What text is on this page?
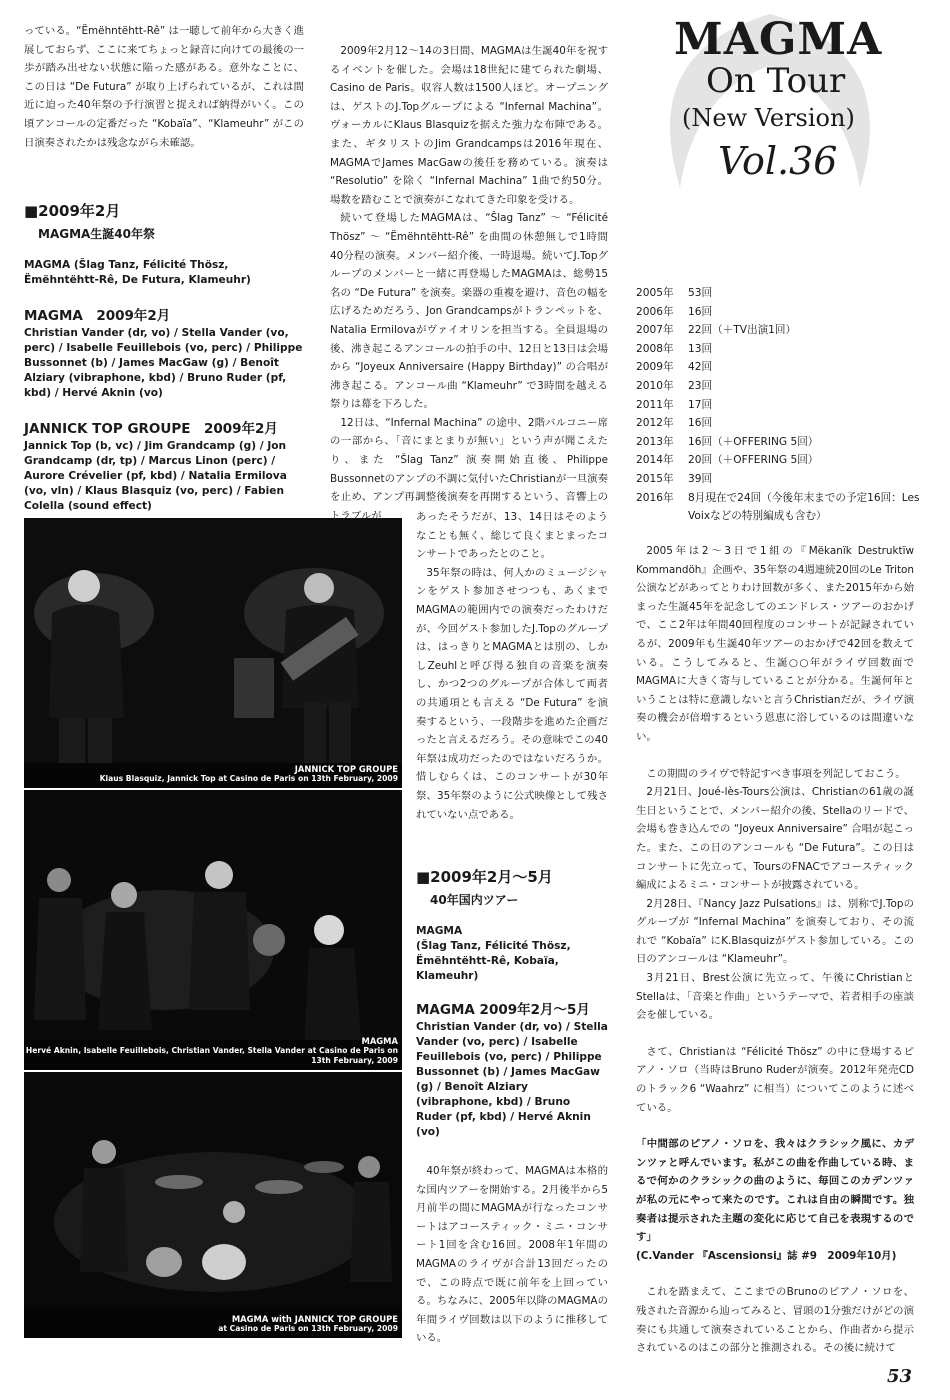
っている。“Ëmëhntëhtt-Rê” は一聴して前年から大きく進展しておらず、ここに来てちょっと録音に向けての最後の一歩が踏み出せない状態に陥った感がある。意外なことに、この日は “De Futura” が取り上げられているが、これは間近に迫った40年祭の予行演習と捉えれば納得がいく。この頃アンコールの定番だった “Kobaïa”、“Klameuhr” がこの日演奏されたかは残念ながら未確認。

■2009年2月

MAGMA生誕40年祭

MAGMA (Šlag Tanz, Félicité Thösz, Ëmëhntëhtt-Rê, De Futura, Klameuhr)

MAGMA　2009年2月

Christian Vander (dr, vo) / Stella Vander (vo, perc) / Isabelle Feuillebois (vo, perc) / Philippe Bussonnet (b) / James MacGaw (g) / Benoît Alziary (vibraphone, kbd) / Bruno Ruder (pf, kbd) / Hervé Aknin (vo)

JANNICK TOP GROUPE　2009年2月

Jannick Top (b, vc) / Jim Grandcamp (g) / Jon Grandcamp (dr, tp) / Marcus Linon (perc) / Aurore Crévelier (pf, kbd) / Natalia Ermilova (vo, vln) / Klaus Blasquiz (vo, perc) / Fabien Colella (sound effect)

JANNICK TOP GROUPE
Klaus Blasquiz, Jannick Top at Casino de Paris on 13th February, 2009
MAGMA
Hervé Aknin, Isabelle Feuillebois, Christian Vander, Stella Vander at Casino de Paris on 13th February, 2009
MAGMA with JANNICK TOP GROUPE
at Casino de Paris on 13th February, 2009

2009年2月12～14の3日間、MAGMAは生誕40年を祝するイベントを催した。会場は18世紀に建てられた劇場、Casino de Paris。収容人数は1500人ほど。オープニングは、ゲストのJ.Topグループによる “Infernal Machina”。ヴォーカルにKlaus Blasquizを据えた強力な布陣である。また、ギタリストのJim Grandcampsは2016年現在、MAGMAでJames MacGawの後任を務めている。演奏は “Resolutio” を除く “Infernal Machina” 1曲で約50分。場数を踏むことで演奏がこなれてきた印象を受ける。

続いて登場したMAGMAは、“Šlag Tanz” ～ “Félicité Thösz” ～ “Ëmëhntëhtt-Rê” を曲間の休憩無しで1時間40分程の演奏。メンバー紹介後、一時退場。続いてJ.Topグループのメンバーと一緒に再登場したMAGMAは、総勢15名の “De Futura” を演奏。楽器の重複を避け、音色の幅を広げるためだろう、Jon Grandcampsがトランペットを、Natalia Ermilovaがヴァイオリンを担当する。全員退場の後、沸き起こるアンコールの拍手の中、12日と13日は会場から “Joyeux Anniversaire (Happy Birthday)” の合唱が沸き起こる。アンコール曲 “Klameuhr” で3時間を越える祭りは幕を下ろした。

12日は、“Infernal Machina” の途中、2階バルコニー席の一部から、「音にまとまりが無い」という声が聞こえたり、また “Šlag Tanz” 演奏開始直後、Philippe Bussonnetのアンプの不調に気付いたChristianが一旦演奏を止め、アンプ再調整後演奏を再開するという、音響上のトラブルが	あったそうだが、13、14日はそのようなことも無く、総じて良くまとまったコンサートであったとのこと。

35年祭の時は、何人かのミュージシャンをゲスト参加させつつも、あくまでMAGMAの範囲内での演奏だったわけだが、今回ゲスト参加したJ.Topのグループは、はっきりとMAGMAとは別の、しかしZeuhlと呼び得る独自の音楽を演奏し、かつ2つのグループが合体して両者の共通項とも言える “De Futura” を演奏するという、一段階歩を進めた企画だったと言えるだろう。その意味でこの40年祭は成功だったのではないだろうか。惜しむらくは、このコンサートが30年祭、35年祭のように公式映像として残されていない点である。

■2009年2月～5月

40年国内ツアー

MAGMA

(Šlag Tanz, Félicité Thösz, Ëmëhntëhtt-Rê, Kobaïa, Klameuhr)

MAGMA 2009年2月～5月

Christian Vander (dr, vo) / Stella Vander (vo, perc) / Isabelle Feuillebois (vo, perc) / Philippe Bussonnet (b) / James MacGaw (g) / Benoît Alziary (vibraphone, kbd) / Bruno Ruder (pf, kbd) / Hervé Aknin (vo)

40年祭が終わって、MAGMAは本格的な国内ツアーを開始する。2月後半から5月前半の間にMAGMAが行なったコンサートはアコースティック・ミニ・コンサート1回を含む16回。2008年1年間のMAGMAのライヴが合計13回だったので、この時点で既に前年を上回っている。ちなみに、2005年以降のMAGMAの年間ライヴ回数は以下のように推移している。

MAGMA
On Tour
(New Version)
Vol.36
2005年	53回
2006年	16回
2007年	22回（＋TV出演1回）
2008年	13回
2009年	42回
2010年	23回
2011年	17回
2012年	16回
2013年	16回（＋OFFERING 5回）
2014年	20回（＋OFFERING 5回）
2015年	39回
2016年	8月現在で24回（今後年末までの予定16回：Les Voixなどの特別編成も含む）

2005年は2～3日で1組の『Mëkanïk Destruktïw Kommandöh』企画や、35年祭の4週連続20回のLe Triton公演などがあってとりわけ回数が多く、また2015年から始まった生誕45年を記念してのエンドレス・ツアーのおかげで、ここ2年は年間40回程度のコンサートが記録されているが、2009年も生誕40年ツアーのおかげで42回を数えている。こうしてみると、生誕○○年がライヴ回数面でMAGMAに大きく寄与していることが分かる。生誕何年ということは特に意識しないと言うChristianだが、ライヴ演奏の機会が倍増するという恩恵に浴しているのは間違いない。

この期間のライヴで特記すべき事項を列記しておこう。

2月21日、Joué-lès-Tours公演は、Christianの61歳の誕生日ということで、メンバー紹介の後、Stellaのリードで、会場も巻き込んでの “Joyeux Anniversaire” 合唱が起こった。また、この日のアンコールも “De Futura”。この日はコンサートに先立って、ToursのFNACでアコースティック編成によるミニ・コンサートが披露されている。

2月28日、『Nancy Jazz Pulsations』は、別称でJ.Topのグループが “Infernal Machina” を演奏しており、その流れで “Kobaïa” にK.Blasquizがゲスト参加している。この日のアンコールは “Klameuhr”。

3月21日、Brest公演に先立って、午後にChristianとStellaは、「音楽と作曲」というテーマで、若者相手の座談会を催している。

さて、Christianは “Félicité Thösz” の中に登場するピアノ・ソロ（当時はBruno Ruderが演奏。2012年発売CDのトラック6 “Waahrz” に相当）についてこのように述べている。

「中間部のピアノ・ソロを、我々はクラシック風に、カデンツァと呼んでいます。私がこの曲を作曲している時、まるで何かのクラシックの曲のように、毎回このカデンツァが私の元にやって来たのです。これは自由の瞬間です。独奏者は提示された主題の変化に応じて自己を表現するのです」

(C.Vander 『Ascensionsi』誌 #9　2009年10月)

これを踏まえて、ここまでのBrunoのピアノ・ソロを、残された音源から辿ってみると、冒頭の1分強だけがどの演奏にも共通して演奏されていることから、作曲者から提示されているのはこの部分と推測される。その後に続けて

53
